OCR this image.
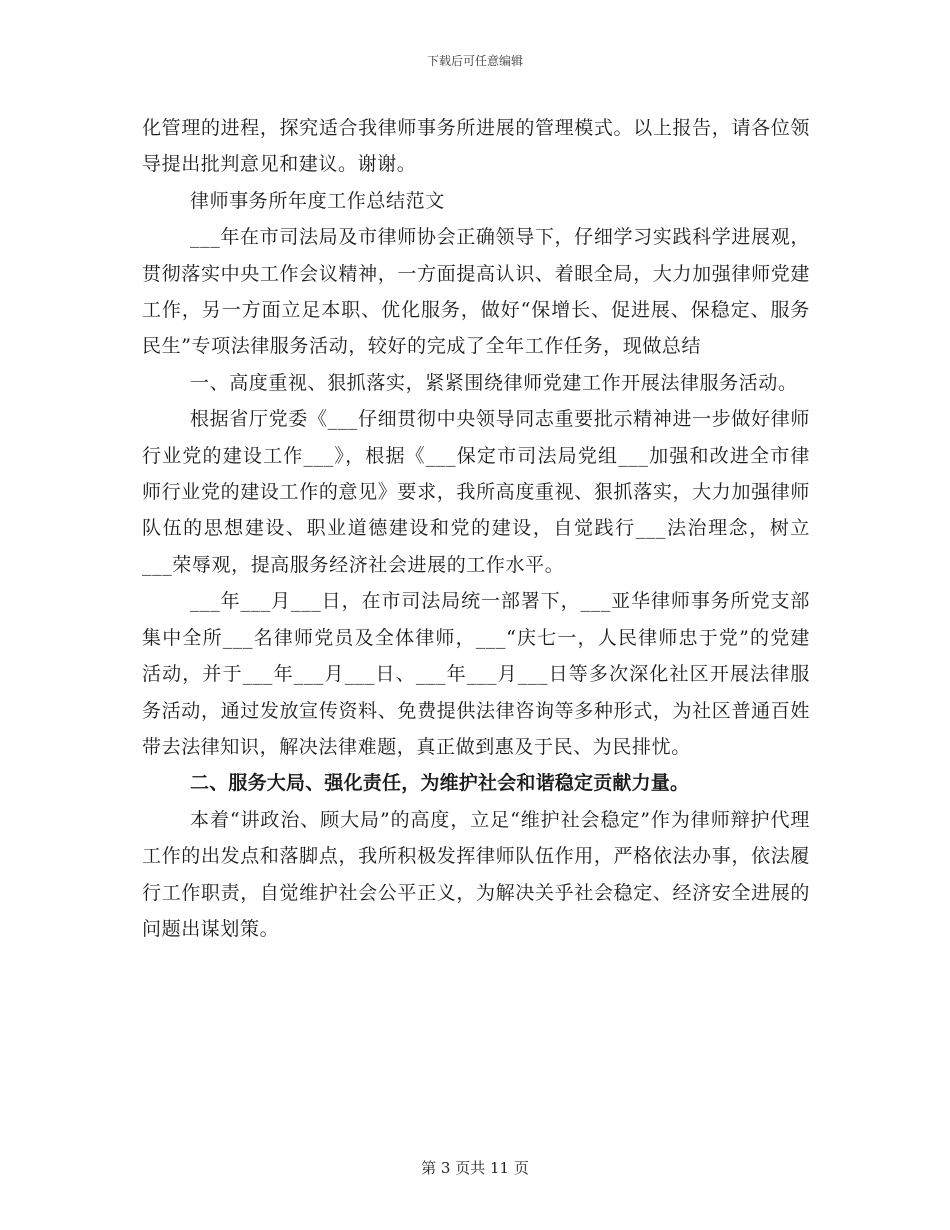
下载后可任意编辑

化管理的进程，探究适合我律师事务所进展的管理模式。以上报告，请各位领导提出批判意见和建议。谢谢。

律师事务所年度工作总结范文

___年在市司法局及市律师协会正确领导下，仔细学习实践科学进展观，贯彻落实中央工作会议精神，一方面提高认识、着眼全局，大力加强律师党建工作，另一方面立足本职、优化服务，做好“保增长、促进展、保稳定、服务民生”专项法律服务活动，较好的完成了全年工作任务，现做总结

一、高度重视、狠抓落实，紧紧围绕律师党建工作开展法律服务活动。

根据省厅党委《___仔细贯彻中央领导同志重要批示精神进一步做好律师行业党的建设工作___》，根据《___保定市司法局党组___加强和改进全市律师行业党的建设工作的意见》要求，我所高度重视、狠抓落实，大力加强律师队伍的思想建设、职业道德建设和党的建设，自觉践行___法治理念，树立___荣辱观，提高服务经济社会进展的工作水平。

___年___月___日，在市司法局统一部署下，___亚华律师事务所党支部集中全所___名律师党员及全体律师，___“庆七一，人民律师忠于党”的党建活动，并于___年___月___日、___年___月___日等多次深化社区开展法律服务活动，通过发放宣传资料、免费提供法律咨询等多种形式，为社区普通百姓带去法律知识，解决法律难题，真正做到惠及于民、为民排忧。

二、服务大局、强化责任，为维护社会和谐稳定贡献力量。

本着“讲政治、顾大局”的高度，立足“维护社会稳定”作为律师辩护代理工作的出发点和落脚点，我所积极发挥律师队伍作用，严格依法办事，依法履行工作职责，自觉维护社会公平正义，为解决关乎社会稳定、经济安全进展的问题出谋划策。

第 3 页共 11 页
